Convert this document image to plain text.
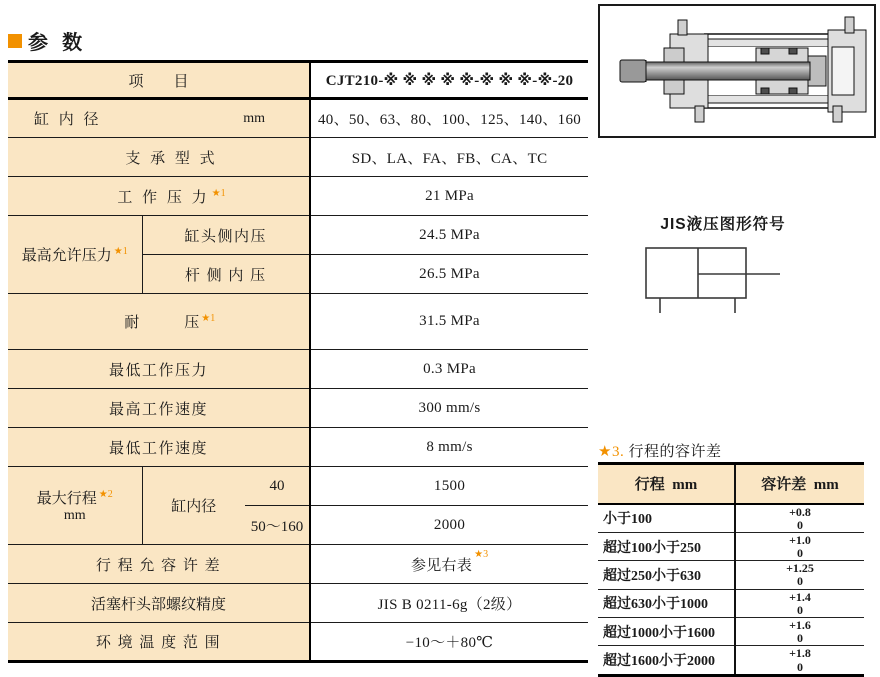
参  数
项        目			CJT210-※ ※ ※ ※ ※-※ ※ ※-※-20

缸 内 径 mm			40、50、63、80、100、125、140、160
支 承 型 式			SD、LA、FA、FB、CA、TC
工 作 压 力 $^{★1}$			21 MPa
最高允许压力 $^{★1}$	缸头侧内压		24.5 MPa
	杆 侧 内 压		26.5 MPa

耐            压 $^{★1}$			31.5 MPa
最低工作压力			0.3 MPa
最高工作速度			300 mm/s
最低工作速度			8 mm/s

最大行程 $^{★2}$
mm	缸内径	40	1500
		50～160	2000
行 程 允 容 许 差			参见右表$^{★3}$
活塞杆头部螺纹精度			JIS B 0211-6g（2级）
环 境 温 度 范 围			−10～＋80℃
JIS液压图形符号
★3. 行程的容许差
行程  mm	容许差  mm
小于100	+0.8
0

超过100小于250	+1.0
0

超过250小于630	+1.25
0

超过630小于1000	+1.4
0

超过1000小于1600	+1.6
0

超过1600小于2000	+1.8
0
